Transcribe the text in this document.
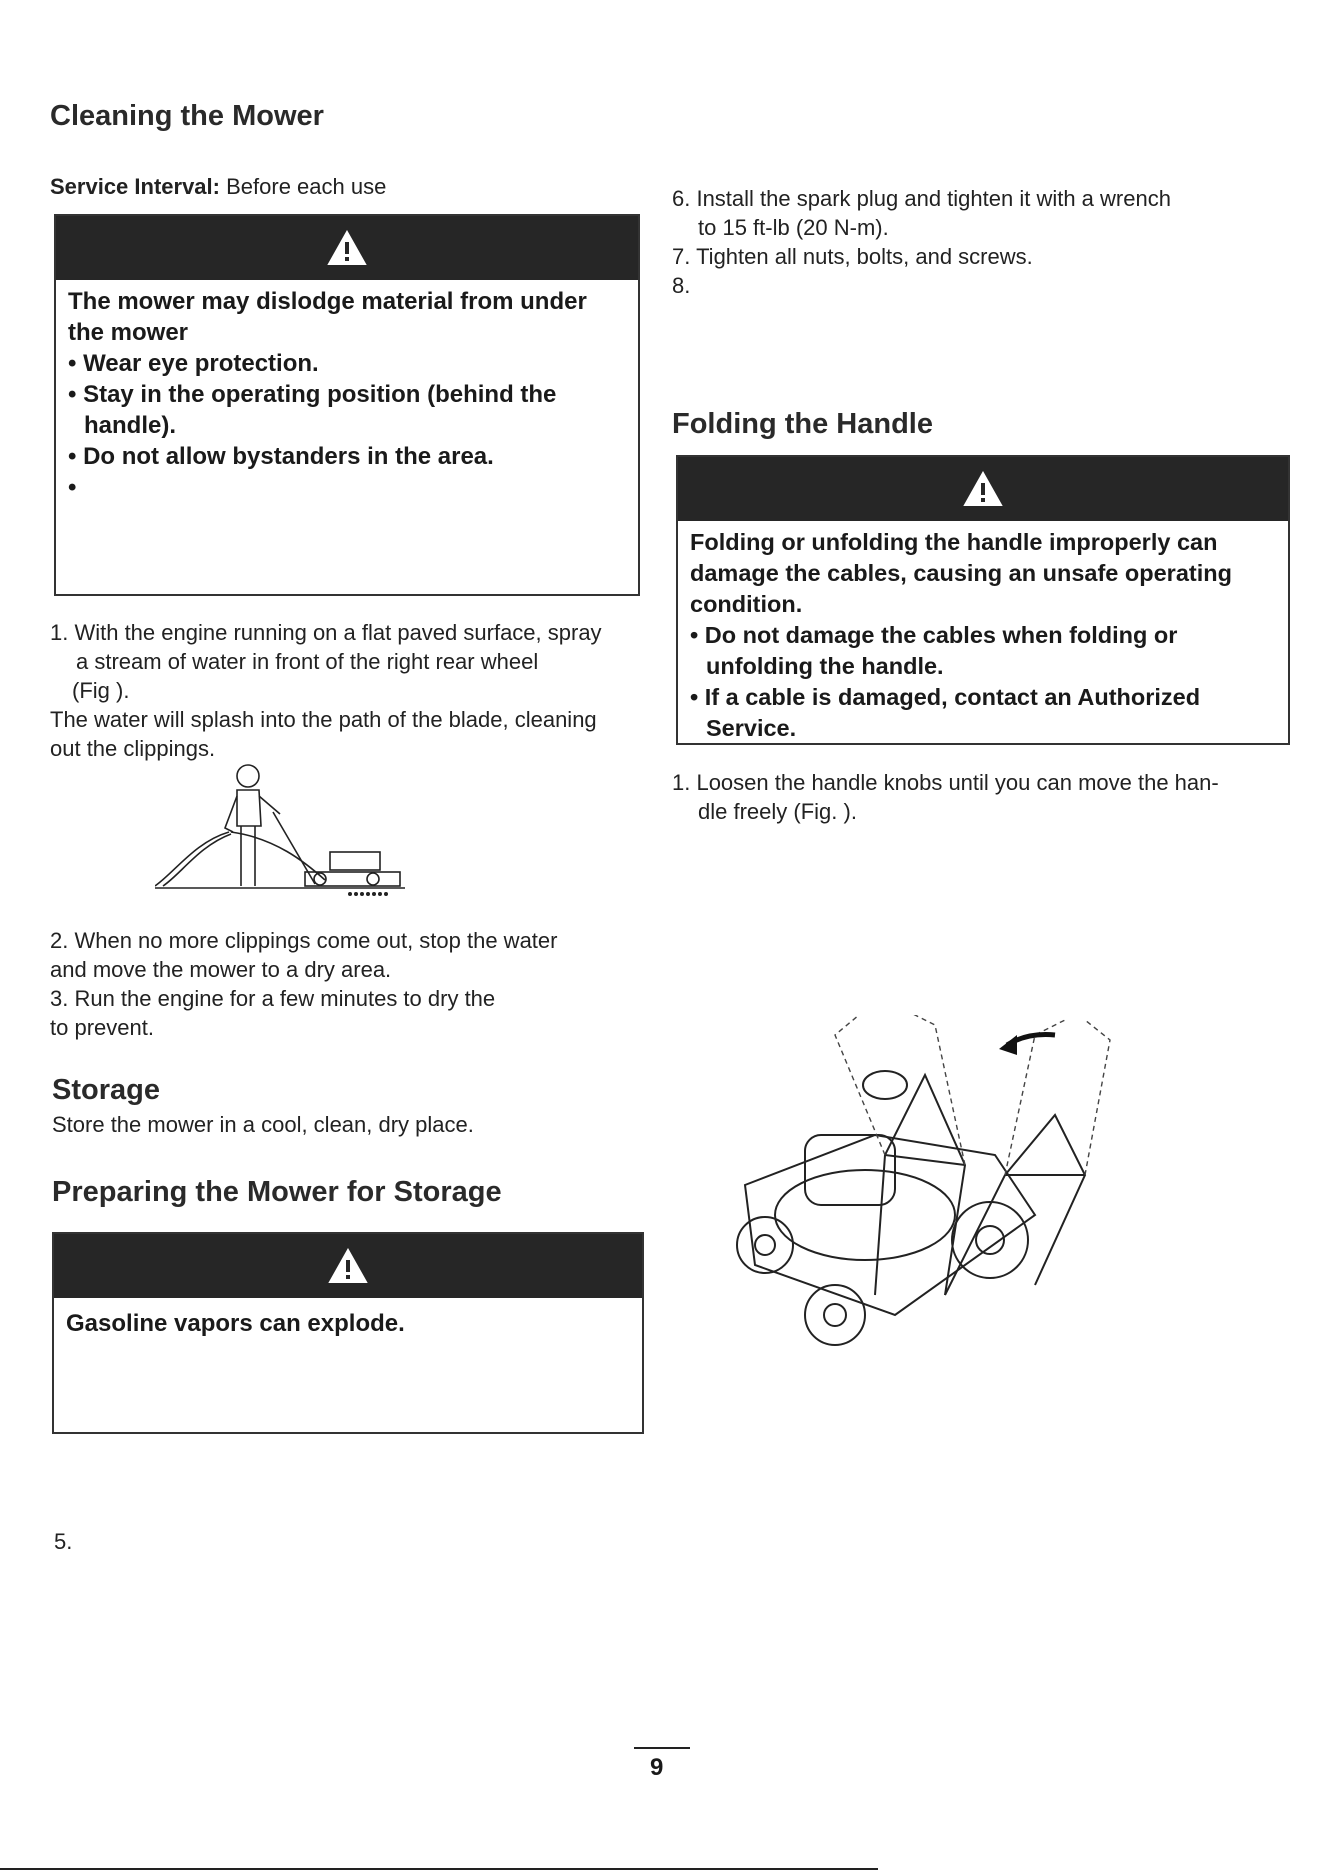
Cleaning the Mower
Service Interval: Before each use
The mower may dislodge material from under the mower
• Wear eye protection.
• Stay in the operating position (behind the handle).
• Do not allow bystanders in the area.
•
1. With the engine running on a flat paved surface, spray
a stream of water in front of the right rear wheel
(Fig ).
The water will splash into the path of the blade, cleaning
out the clippings.
2. When no more clippings come out, stop the water
and move the mower to a dry area.
3. Run the engine for a few minutes to dry the
to prevent.
Storage
Store the mower in a cool, clean, dry place.
Preparing the Mower for Storage
Gasoline vapors can explode.
5.
6. Install the spark plug and tighten it with a wrench
to 15 ft-lb (20 N-m).
7. Tighten all nuts, bolts, and screws.
8.
Folding the Handle
Folding or unfolding the handle improperly can damage the cables, causing an unsafe operating condition.
• Do not damage the cables when folding or unfolding the handle.
• If a cable is damaged, contact an Authorized Service.
1. Loosen the handle knobs until you can move the han-
dle freely (Fig. ).
9
